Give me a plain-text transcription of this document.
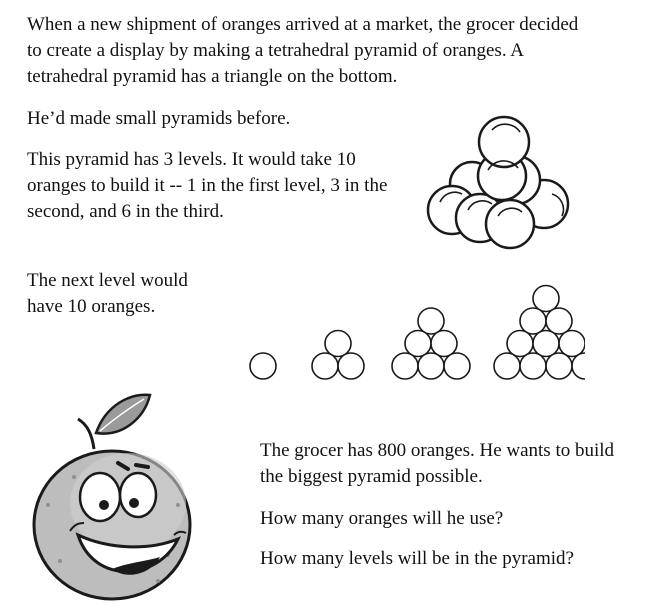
When a new shipment of oranges arrived at a market, the grocer decided to create a display by making a tetrahedral pyramid of oranges. A tetrahedral pyramid has a triangle on the bottom.

He’d made small pyramids before.

This pyramid has 3 levels. It would take 10 oranges to build it -- 1 in the first level, 3 in the second, and 6 in the third.

The next level would have 10 oranges.

The grocer has 800 oranges. He wants to build the biggest pyramid possible.

How many oranges will he use?

How many levels will be in the pyramid?
